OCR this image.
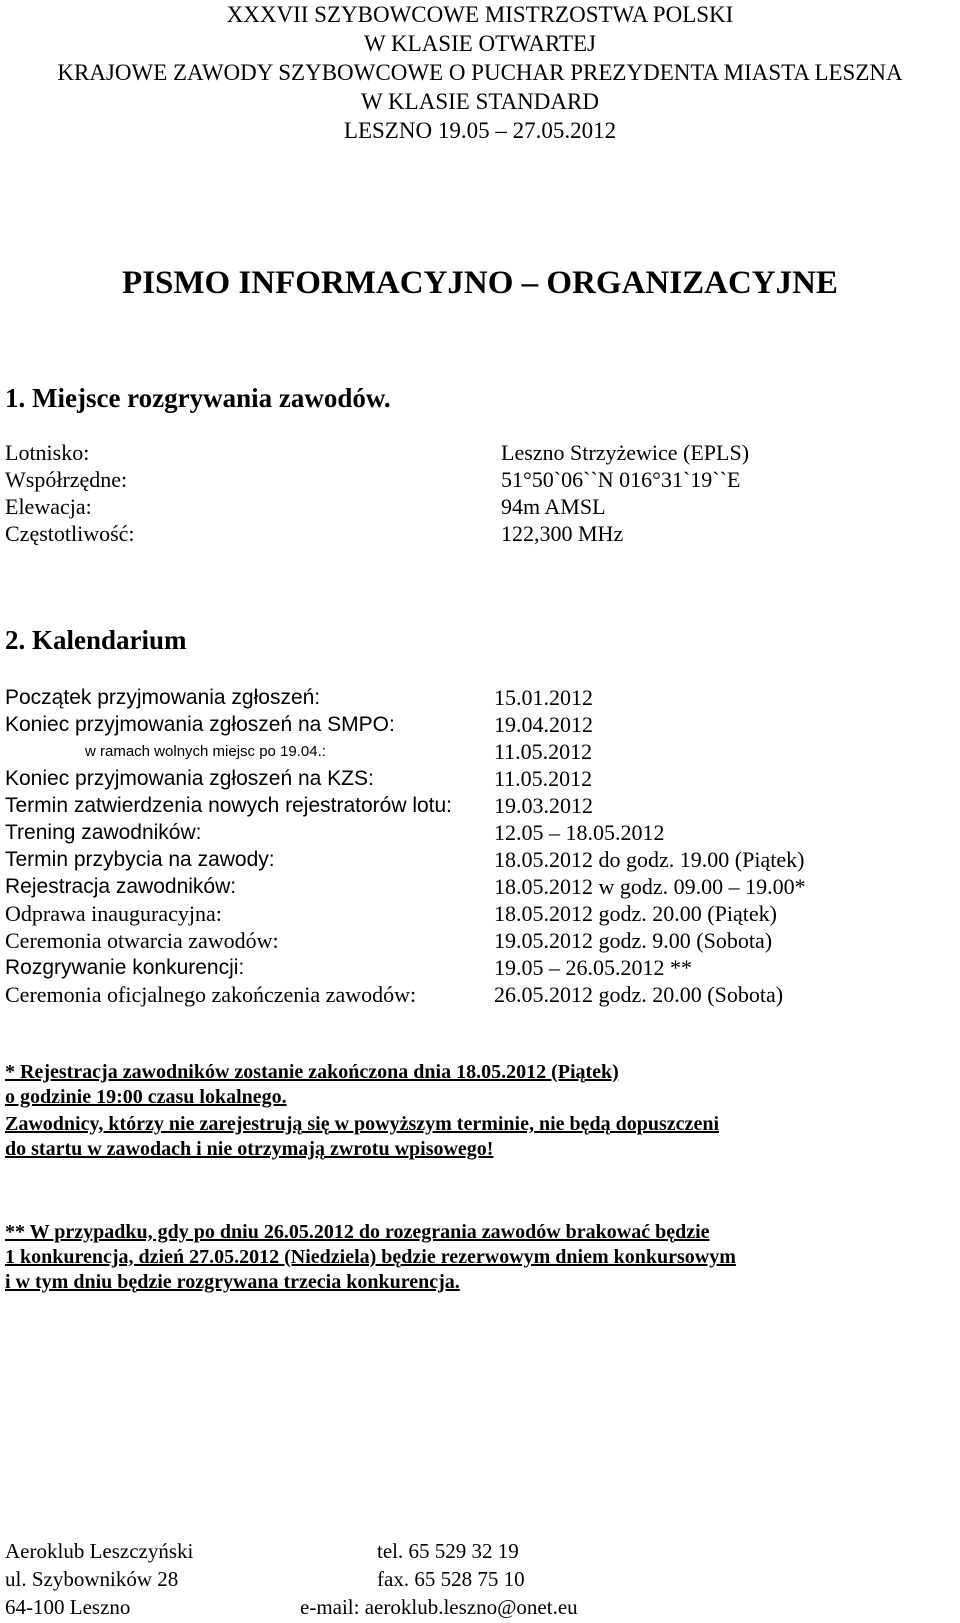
XXXVII SZYBOWCOWE MISTRZOSTWA POLSKI
W KLASIE OTWARTEJ
KRAJOWE ZAWODY SZYBOWCOWE O PUCHAR PREZYDENTA MIASTA LESZNA
W KLASIE STANDARD
LESZNO 19.05 – 27.05.2012
PISMO INFORMACYJNO – ORGANIZACYJNE
1. Miejsce rozgrywania zawodów.
Lotnisko:	Leszno Strzyżewice (EPLS)
Współrzędne:	51°50`06``N 016°31`19``E
Elewacja:	94m AMSL
Częstotliwość:	122,300 MHz
2. Kalendarium
Początek przyjmowania zgłoszeń:	15.01.2012
Koniec przyjmowania zgłoszeń na SMPO:	19.04.2012
w ramach wolnych miejsc po 19.04.:	11.05.2012
Koniec przyjmowania zgłoszeń na KZS:	11.05.2012
Termin zatwierdzenia nowych rejestratorów lotu: 19.03.2012
Trening zawodników:	12.05 – 18.05.2012
Termin przybycia na zawody:	18.05.2012 do godz. 19.00 (Piątek)
Rejestracja zawodników:	18.05.2012 w godz. 09.00 – 19.00*
Odprawa inauguracyjna:	18.05.2012 godz. 20.00 (Piątek)
Ceremonia otwarcia zawodów:	19.05.2012 godz. 9.00 (Sobota)
Rozgrywanie konkurencji:	19.05 – 26.05.2012 **
Ceremonia oficjalnego zakończenia zawodów:	26.05.2012 godz. 20.00 (Sobota)
* Rejestracja zawodników zostanie zakończona dnia 18.05.2012 (Piątek)
o godzinie 19:00 czasu lokalnego.
Zawodnicy, którzy nie zarejestrują się w powyższym terminie, nie będą dopuszczeni
do startu w zawodach i nie otrzymają zwrotu wpisowego!
** W przypadku, gdy po dniu 26.05.2012 do rozegrania zawodów brakować będzie
1 konkurencja, dzień 27.05.2012 (Niedziela) będzie rezerwowym dniem konkursowym
i w tym dniu będzie rozgrywana trzecia konkurencja.
Aeroklub Leszczyński	tel. 65 529 32 19
ul. Szybowników 28	fax. 65 528 75 10
64-100 Leszno	e-mail: aeroklub.leszno@onet.eu
